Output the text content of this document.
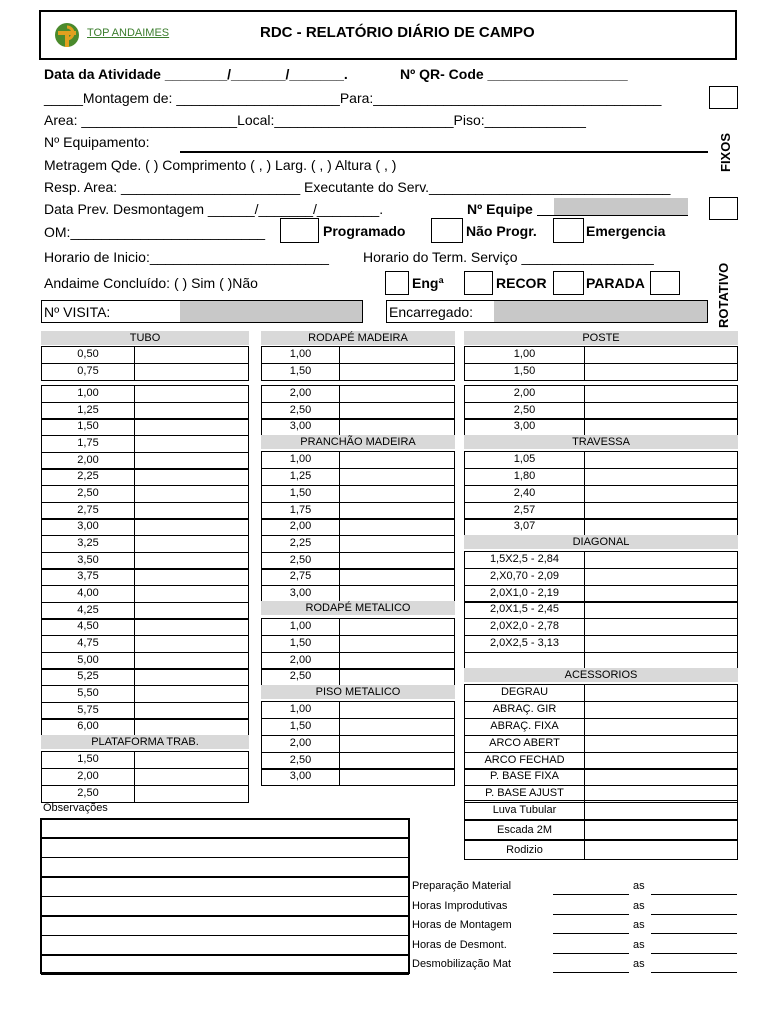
TOP ANDAIMES	RDC - RELATÓRIO DIÁRIO DE CAMPO
Data da Atividade ________/_______/_______.	Nº QR- Code __________________
_____Montagem de: _____________________Para:_____________________________________
Area: ____________________Local:_______________________Piso:_____________
Nº Equipamento:	FIXOS
Metragem Qde. ( ) Comprimento ( , ) Larg. ( , ) Altura ( , )
Resp. Area: _______________________ Executante do Serv._______________________________
Data Prev. Desmontagem ______/_______/________.	Nº Equipe
OM:_________________________	Programado	Não Progr.	Emergencia
Horario de Inicio:_______________________ Horario do Term. Serviço _________________
ROTATIVO
Andaime Concluído: ( ) Sim ( )Não	Engª	RECOR	PARADA
Nº VISITA:	Encarregado:
TUBO
0,50
0,75
1,00
1,25
1,50
1,75
2,00
2,25
2,50
2,75
3,00
3,25
3,50
3,75
4,00
4,25
4,50
4,75
5,00
5,25
5,50
5,75
6,00
PLATAFORMA TRAB.
1,50
2,00
2,50
RODAPÉ MADEIRA
1,00
1,50
2,00
2,50
3,00
PRANCHÃO MADEIRA
1,00
1,25
1,50
1,75
2,00
2,25
2,50
2,75
3,00
RODAPÉ METALICO
1,00
1,50
2,00
2,50
PISO METALICO
1,00
1,50
2,00
2,50
3,00
POSTE
1,00
1,50
2,00
2,50
3,00
TRAVESSA
1,05
1,80
2,40
2,57
3,07
DIAGONAL
1,5X2,5 - 2,84
2,X0,70 - 2,09
2,0X1,0 - 2,19
2,0X1,5 - 2,45
2,0X2,0 - 2,78
2,0X2,5 - 3,13
ACESSORIOS
DEGRAU
ABRAÇ. GIR
ABRAÇ. FIXA
ARCO ABERT
ARCO FECHAD
P. BASE FIXA
P. BASE AJUST
Luva Tubular
Escada 2M
Rodizio
Observações
Preparação Material	as
Horas Improdutivas	as
Horas de Montagem	as
Horas de Desmont.	as
Desmobilização Mat	as
